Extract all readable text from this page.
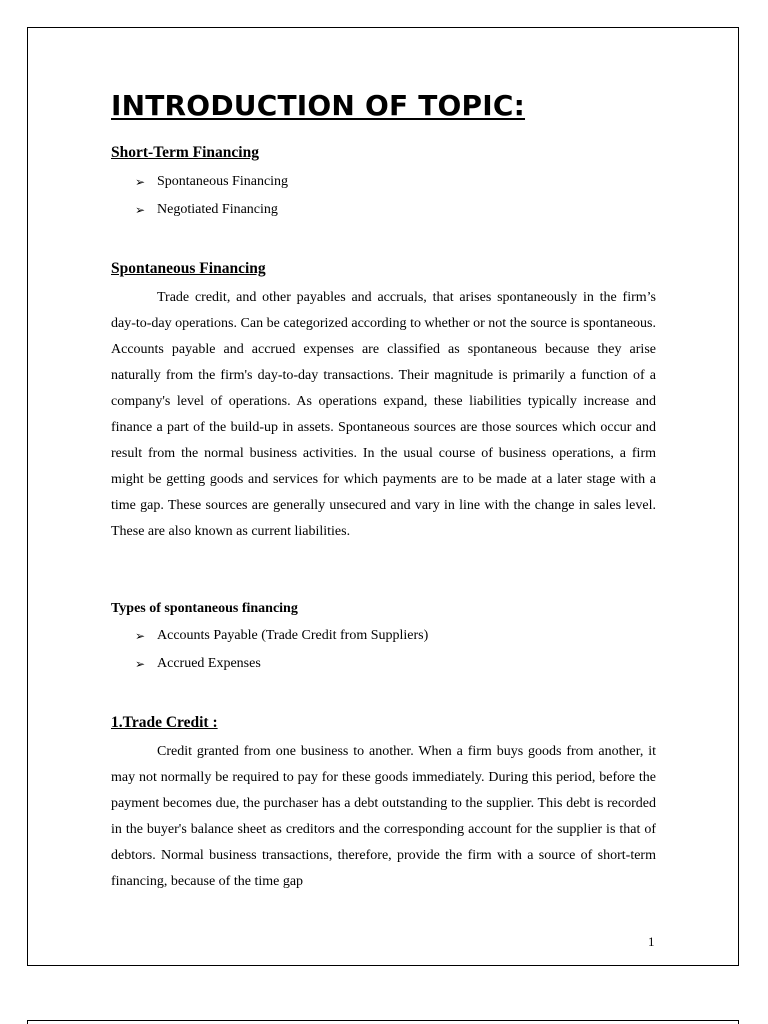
INTRODUCTION OF TOPIC:
Short-Term Financing
➢ Spontaneous Financing
➢ Negotiated Financing
Spontaneous Financing

Trade credit, and other payables and accruals, that arises spontaneously in the firm’s day-to-day operations. Can be categorized according to whether or not the source is spontaneous. Accounts payable and accrued expenses are classified as spontaneous because they arise naturally from the firm's day-to-day transactions. Their magnitude is primarily a function of a company's level of operations. As operations expand, these liabilities typically increase and finance a part of the build-up in assets. Spontaneous sources are those sources which occur and result from the normal business activities. In the usual course of business operations, a firm might be getting goods and services for which payments are to be made at a later stage with a time gap. These sources are generally unsecured and vary in line with the change in sales level. These are also known as current liabilities.

Types of spontaneous financing
➢ Accounts Payable (Trade Credit from Suppliers)
➢ Accrued Expenses
1.Trade Credit :

Credit granted from one business to another. When a firm buys goods from another, it may not normally be required to pay for these goods immediately. During this period, before the payment becomes due, the purchaser has a debt outstanding to the supplier. This debt is recorded in the buyer's balance sheet as creditors and the corresponding account for the supplier is that of debtors. Normal business transactions, therefore, provide the firm with a source of short-term financing, because of the time gap

1
